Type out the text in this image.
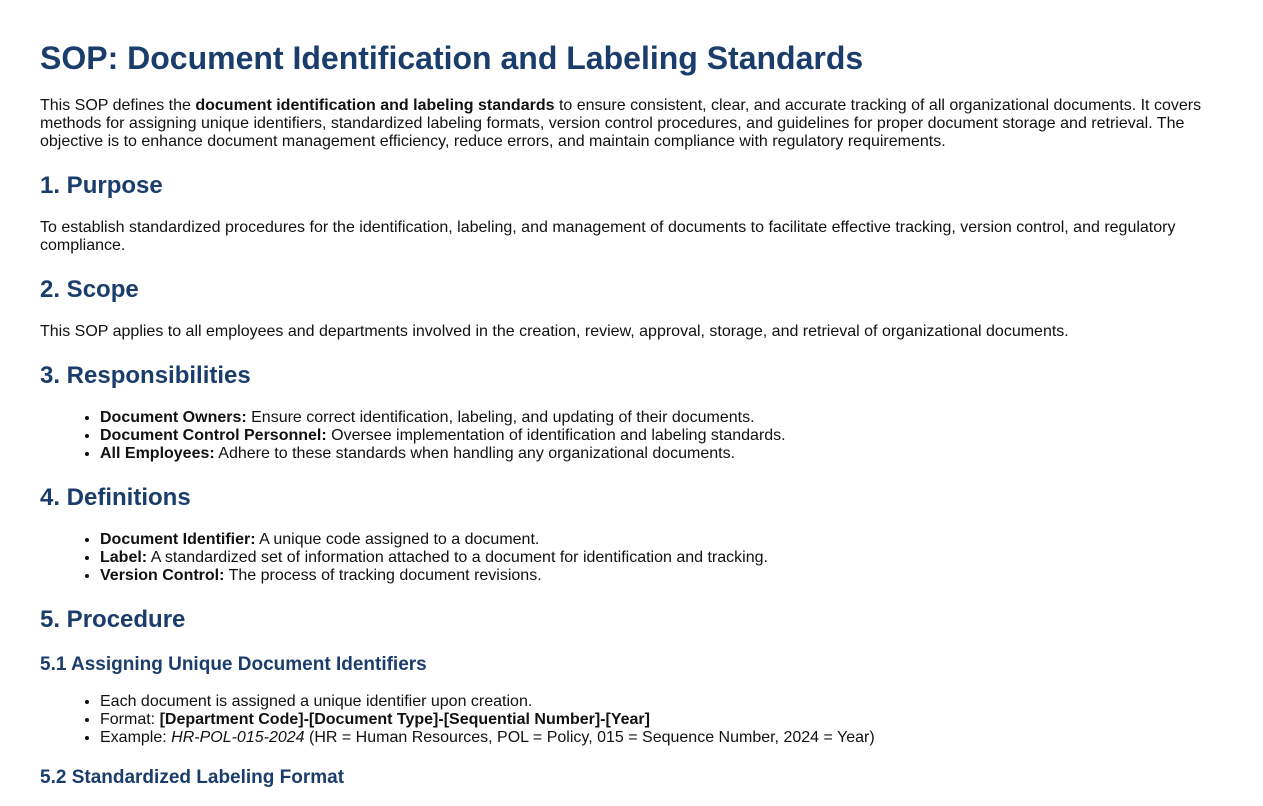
SOP: Document Identification and Labeling Standards

This SOP defines the document identification and labeling standards to ensure consistent, clear, and accurate tracking of all organizational documents. It covers methods for assigning unique identifiers, standardized labeling formats, version control procedures, and guidelines for proper document storage and retrieval. The objective is to enhance document management efficiency, reduce errors, and maintain compliance with regulatory requirements.

1. Purpose

To establish standardized procedures for the identification, labeling, and management of documents to facilitate effective tracking, version control, and regulatory compliance.

2. Scope

This SOP applies to all employees and departments involved in the creation, review, approval, storage, and retrieval of organizational documents.

3. Responsibilities
• Document Owners: Ensure correct identification, labeling, and updating of their documents.
• Document Control Personnel: Oversee implementation of identification and labeling standards.
• All Employees: Adhere to these standards when handling any organizational documents.
4. Definitions
• Document Identifier: A unique code assigned to a document.
• Label: A standardized set of information attached to a document for identification and tracking.
• Version Control: The process of tracking document revisions.
5. Procedure
5.1 Assigning Unique Document Identifiers
• Each document is assigned a unique identifier upon creation.
• Format: [Department Code]-[Document Type]-[Sequential Number]-[Year]
• Example: HR-POL-015-2024 (HR = Human Resources, POL = Policy, 015 = Sequence Number, 2024 = Year)
5.2 Standardized Labeling Format
